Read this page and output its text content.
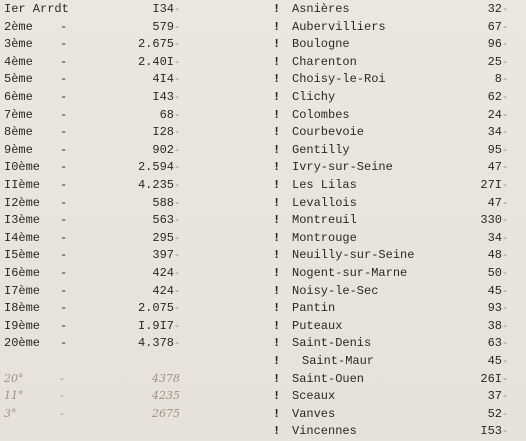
Ier Arrdt	I34-
2ème -	579-
3ème -	2.675-
4ème -	2.40I-
5ème -	4I4-
6ème -	I43-
7ème -	68-
8ème -	I28-
9ème -	902-
I0ème -	2.594-
IIème -	4.235-
I2ème -	588-
I3ème -	563-
I4ème -	295-
I5ème -	397-
I6ème -	424-
I7ème -	424-
I8ème -	2.075-
I9ème -	I.9I7-
20ème -	4.378-
20°	-	4378
11°	-	4235
3°	-	2675
! Asnières	32-
! Aubervilliers	67-
! Boulogne	96-
! Charenton	25-
! Choisy-le-Roi	8-
! Clichy	62-
! Colombes	24-
! Courbevoie	34-
! Gentilly	95-
! Ivry-sur-Seine	47-
! Les Lilas	27I-
! Levallois	47-
! Montreuil	330-
! Montrouge	34-
! Neuilly-sur-Seine	48-
! Nogent-sur-Marne	50-
! Noisy-le-Sec	45-
! Pantin	93-
! Puteaux	38-
! Saint-Denis	63-
! Saint-Maur	45-
! Saint-Ouen	26I-
! Sceaux	37-
! Vanves	52-
! Vincennes	I53-
